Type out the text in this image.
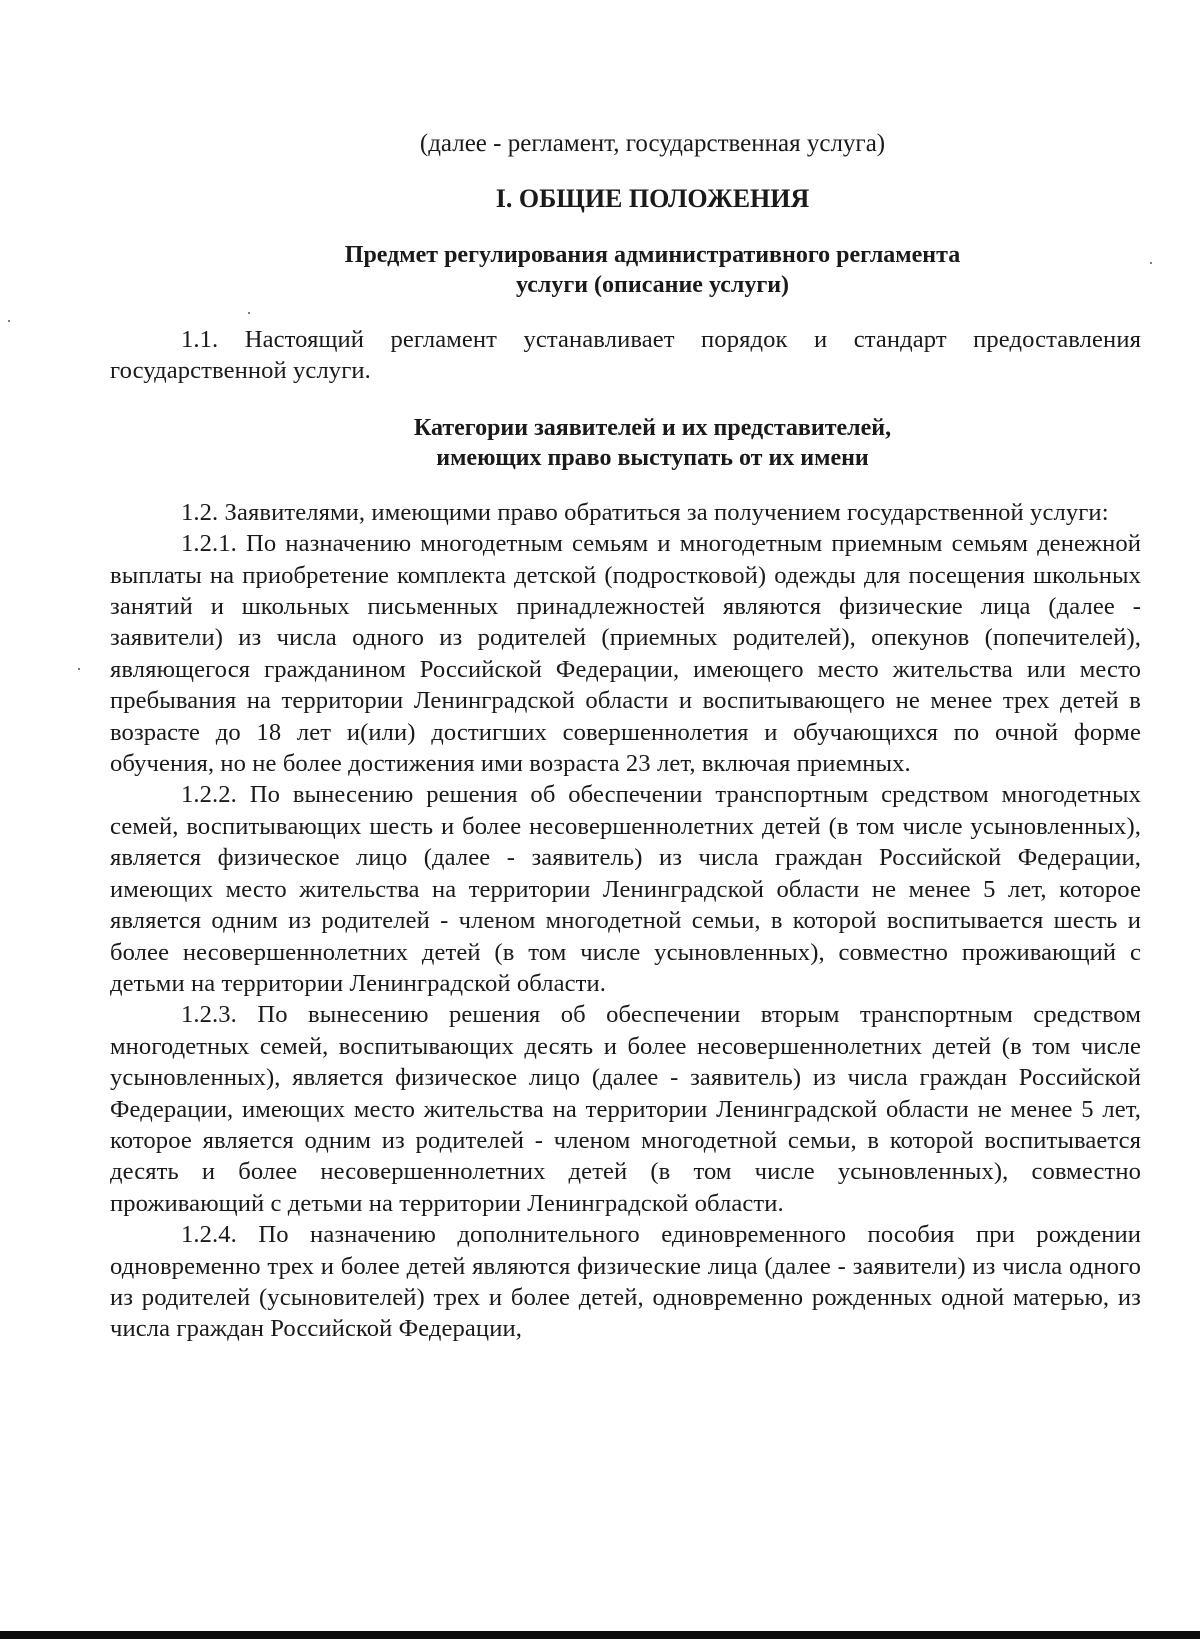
(далее - регламент, государственная услуга)

I. ОБЩИЕ ПОЛОЖЕНИЯ
Предмет регулирования административного регламента
услуги (описание услуги)

1.1. Настоящий регламент устанавливает порядок и стандарт предоставления государственной услуги.

Категории заявителей и их представителей,
имеющих право выступать от их имени

1.2. Заявителями, имеющими право обратиться за получением государственной услуги:

1.2.1. По назначению многодетным семьям и многодетным приемным семьям денежной выплаты на приобретение комплекта детской (подростковой) одежды для посещения школьных занятий и школьных письменных принадлежностей являются физические лица (далее - заявители) из числа одного из родителей (приемных родителей), опекунов (попечителей), являющегося гражданином Российской Федерации, имеющего место жительства или место пребывания на территории Ленинградской области и воспитывающего не менее трех детей в возрасте до 18 лет и(или) достигших совершеннолетия и обучающихся по очной форме обучения, но не более достижения ими возраста 23 лет, включая приемных.

1.2.2. По вынесению решения об обеспечении транспортным средством многодетных семей, воспитывающих шесть и более несовершеннолетних детей (в том числе усыновленных), является физическое лицо (далее - заявитель) из числа граждан Российской Федерации, имеющих место жительства на территории Ленинградской области не менее 5 лет, которое является одним из родителей - членом многодетной семьи, в которой воспитывается шесть и более несовершеннолетних детей (в том числе усыновленных), совместно проживающий с детьми на территории Ленинградской области.

1.2.3. По вынесению решения об обеспечении вторым транспортным средством многодетных семей, воспитывающих десять и более несовершеннолетних детей (в том числе усыновленных), является физическое лицо (далее - заявитель) из числа граждан Российской Федерации, имеющих место жительства на территории Ленинградской области не менее 5 лет, которое является одним из родителей - членом многодетной семьи, в которой воспитывается десять и более несовершеннолетних детей (в том числе усыновленных), совместно проживающий с детьми на территории Ленинградской области.

1.2.4. По назначению дополнительного единовременного пособия при рождении одновременно трех и более детей являются физические лица (далее - заявители) из числа одного из родителей (усыновителей) трех и более детей, одновременно рожденных одной матерью, из числа граждан Российской Федерации,
